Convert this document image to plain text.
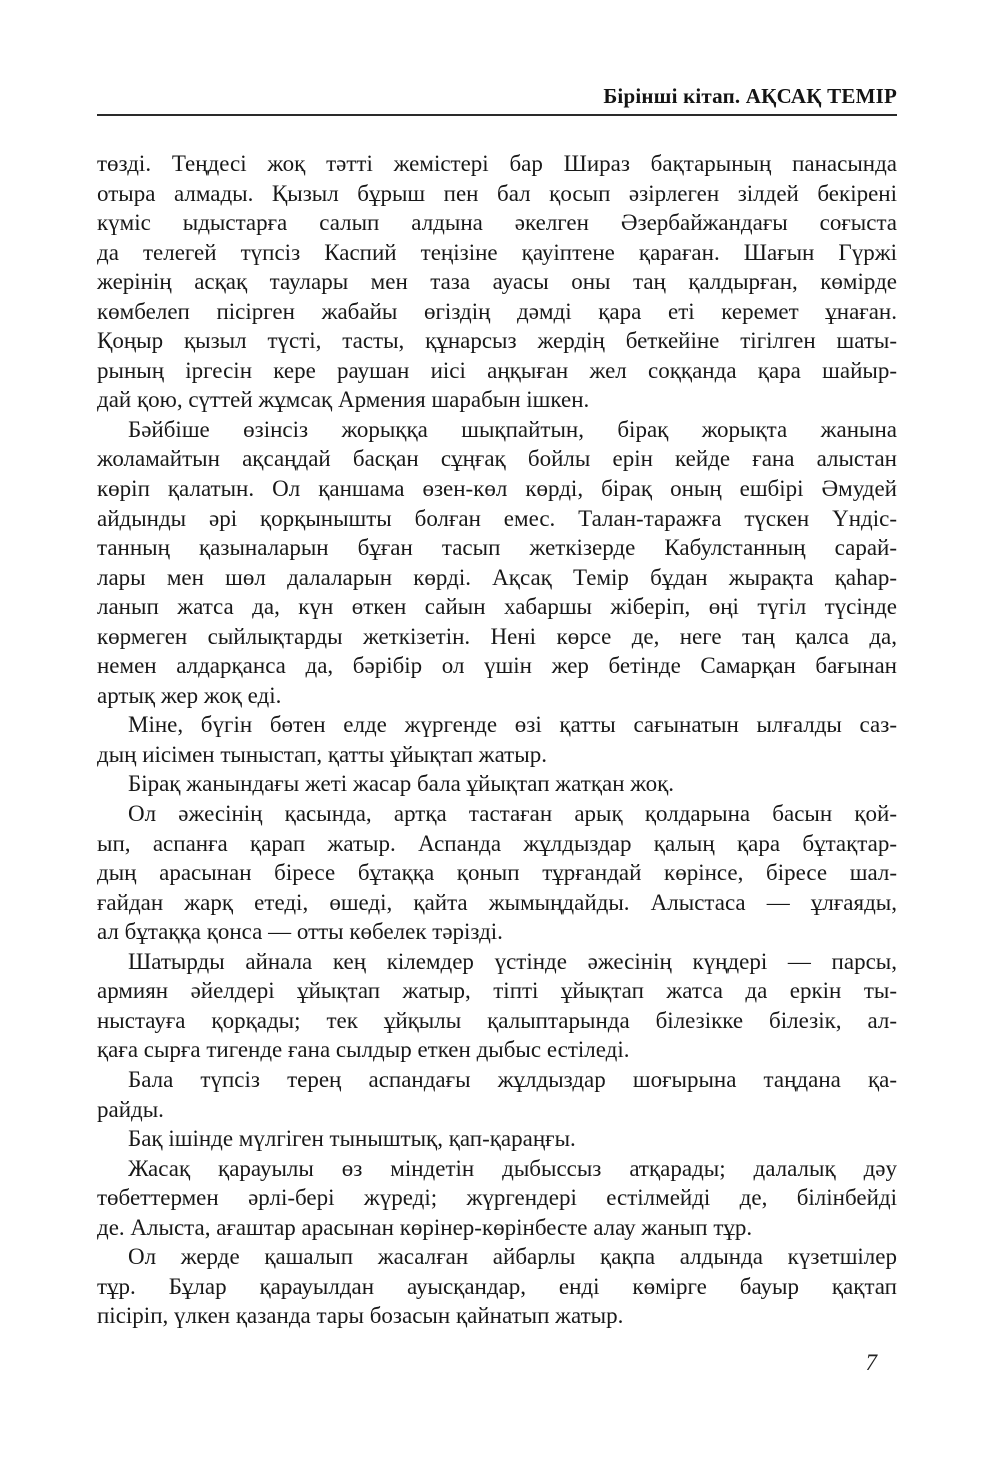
Бірінші кітап. АҚСАҚ ТЕМІР
төзді. Теңдесі жоқ тәтті жемістері бар Шираз бақтарының панасында
отыра алмады. Қызыл бұрыш пен бал қосып әзірлеген зілдей бекірені
күміс ыдыстарға салып алдына әкелген Әзербайжандағы соғыста
да телегей түпсіз Каспий теңізіне қауіптене қараған. Шағын Гүржі
жерінің асқақ таулары мен таза ауасы оны таң қалдырған, көмірде
көмбелеп пісірген жабайы өгіздің дәмді қара еті керемет ұнаған.
Қоңыр қызыл түсті, тасты, құнарсыз жердің беткейіне тігілген шаты-
рының іргесін кере раушан иісі аңқыған жел соққанда қара шайыр-
дай қою, сүттей жұмсақ Армения шарабын ішкен.
Бәйбіше өзінсіз жорыққа шықпайтын, бірақ жорықта жанына
жоламайтын ақсаңдай басқан сұңғақ бойлы ерін кейде ғана алыстан
көріп қалатын. Ол қаншама өзен-көл көрді, бірақ оның ешбірі Әмудей
айдынды әрі қорқынышты болған емес. Талан-таражға түскен Үндіс-
танның қазыналарын бұған тасып жеткізерде Кабулстанның сарай-
лары мен шөл далаларын көрді. Ақсақ Темір бұдан жырақта қаһар-
ланып жатса да, күн өткен сайын хабаршы жіберіп, өңі түгіл түсінде
көрмеген сыйлықтарды жеткізетін. Нені көрсе де, неге таң қалса да,
немен алдарқанса да, бәрібір ол үшін жер бетінде Самарқан бағынан
артық жер жоқ еді.
Міне, бүгін бөтен елде жүргенде өзі қатты сағынатын ылғалды саз-
дың иісімен тыныстап, қатты ұйықтап жатыр.
Бірақ жанындағы жеті жасар бала ұйықтап жатқан жоқ.
Ол әжесінің қасында, артқа тастаған арық қолдарына басын қой-
ып, аспанға қарап жатыр. Аспанда жұлдыздар қалың қара бұтақтар-
дың арасынан біресе бұтаққа қонып тұрғандай көрінсе, біресе шал-
ғайдан жарқ етеді, өшеді, қайта жымыңдайды. Алыстаса — ұлғаяды,
ал бұтаққа қонса — отты көбелек тәрізді.
Шатырды айнала кең кілемдер үстінде әжесінің күңдері — парсы,
армиян әйелдері ұйықтап жатыр, тіпті ұйықтап жатса да еркін ты-
ныстауға қорқады; тек ұйқылы қалыптарында білезікке білезік, ал-
қаға сырға тигенде ғана сылдыр еткен дыбыс естіледі.
Бала түпсіз терең аспандағы жұлдыздар шоғырына таңдана қа-
райды.
Бақ ішінде мүлгіген тыныштық, қап-қараңғы.
Жасақ қарауылы өз міндетін дыбыссыз атқарады; далалық дәу
төбеттермен әрлі-бері жүреді; жүргендері естілмейді де, білінбейді
де. Алыста, ағаштар арасынан көрінер-көрінбесте алау жанып тұр.
Ол жерде қашалып жасалған айбарлы қақпа алдында күзетшілер
тұр. Бұлар қарауылдан ауысқандар, енді көмірге бауыр қақтап
пісіріп, үлкен қазанда тары бозасын қайнатып жатыр.
7
